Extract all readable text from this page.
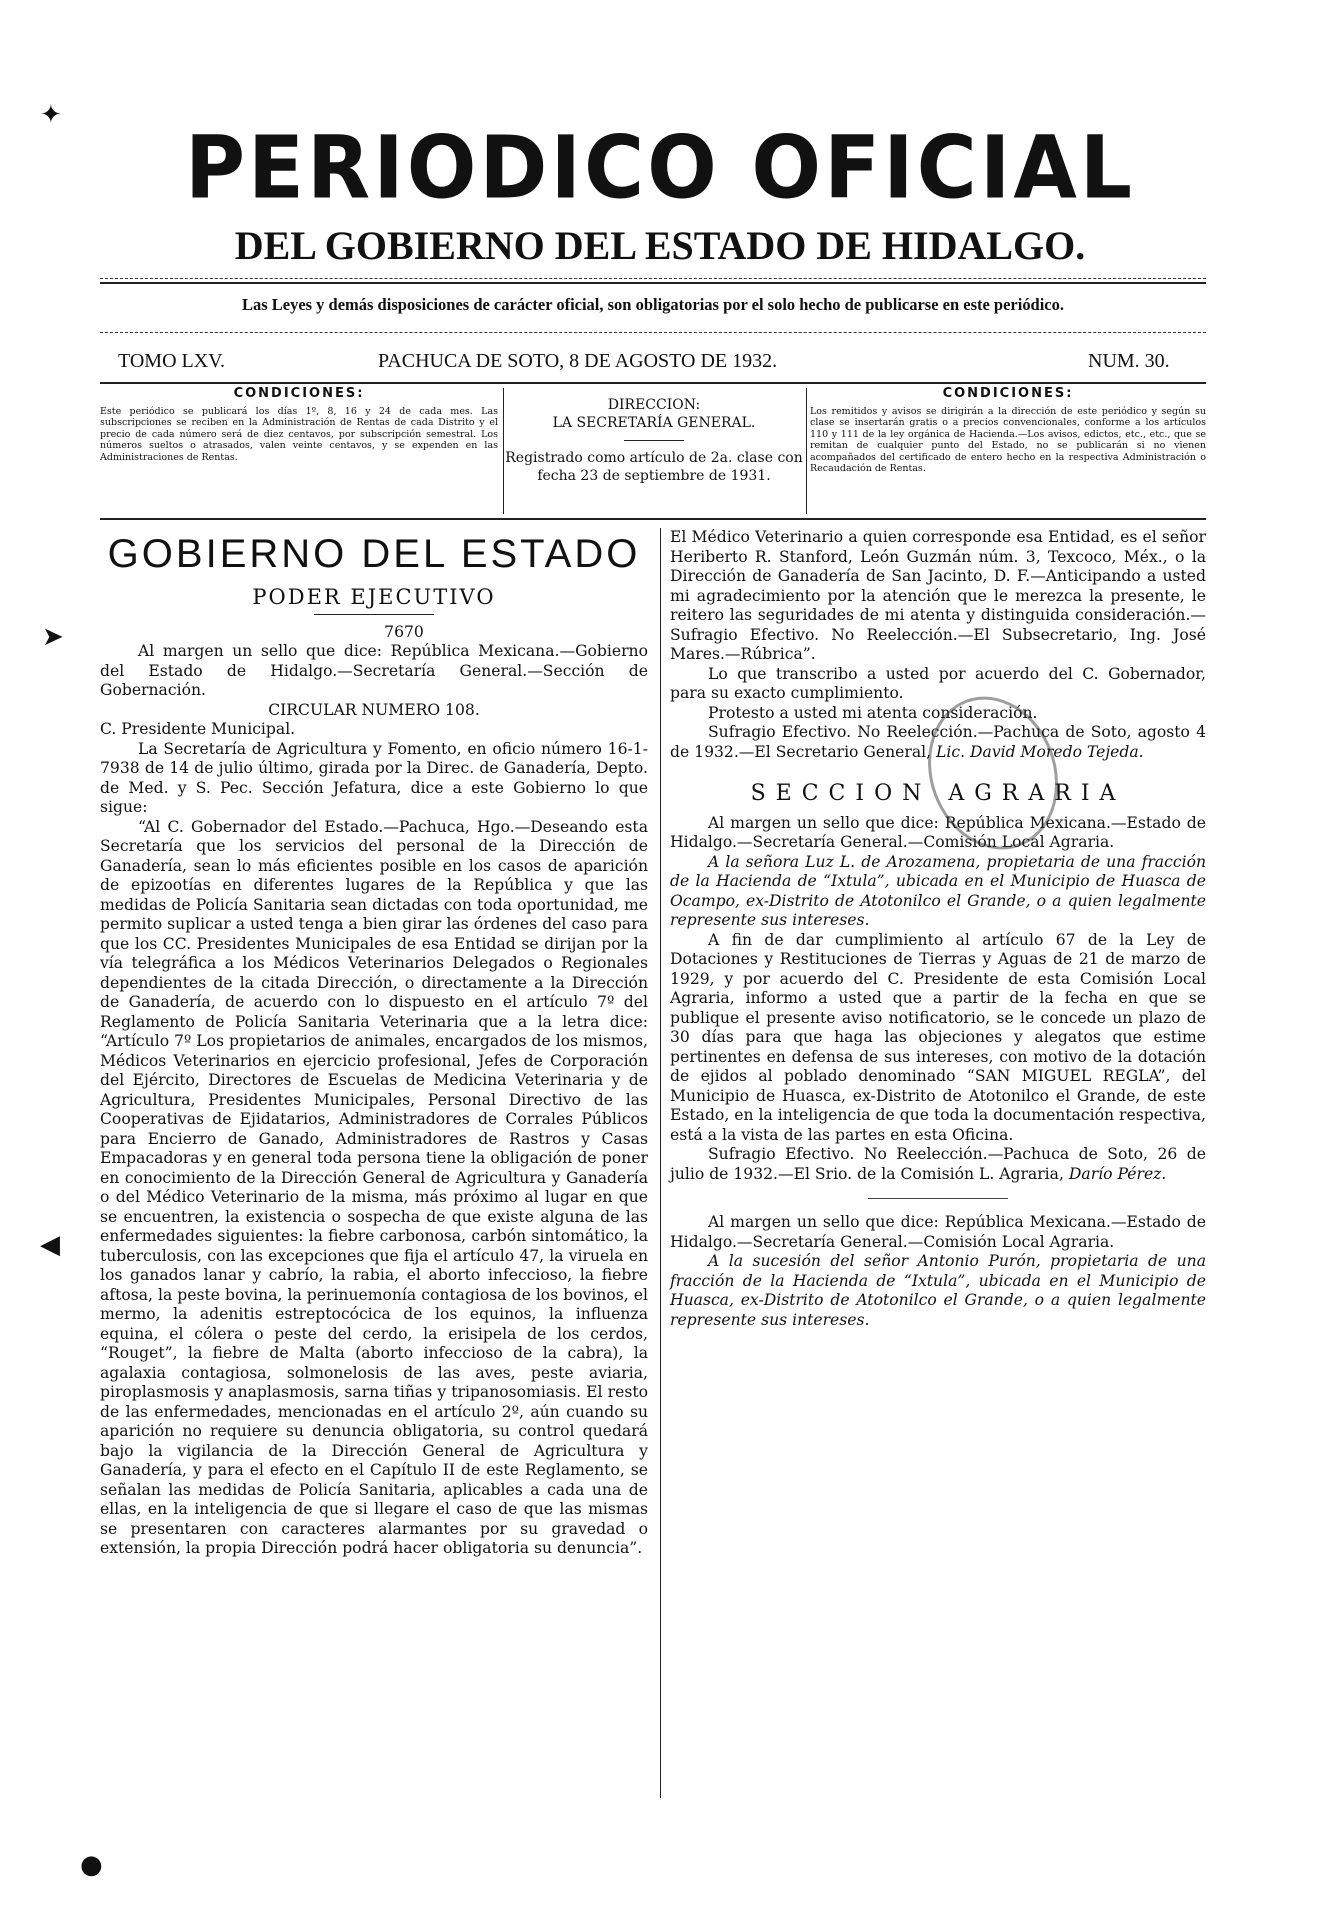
PERIODICO OFICIAL
DEL GOBIERNO DEL ESTADO DE HIDALGO.
Las Leyes y demás disposiciones de carácter oficial, son obligatorias por el solo hecho de publicarse en este periódico.
TOMO LXV.	PACHUCA DE SOTO, 8 DE AGOSTO DE 1932.	NUM. 30.
CONDICIONES:
Este periódico se publicará los días 1º, 8, 16 y 24 de cada mes. Las subscripciones se reciben en la Administración de Rentas de cada Distrito y el precio de cada número será de diez centavos, por subscripción semestral. Los números sueltos o atrasados, valen veinte centavos, y se expenden en las Administraciones de Rentas.
DIRECCION:
LA SECRETARÍA GENERAL.
Registrado como artículo de 2a. clase con fecha 23 de septiembre de 1931.
CONDICIONES:
Los remitidos y avisos se dirigirán a la dirección de este periódico y según su clase se insertarán gratis o a precios convencionales, conforme a los artículos 110 y 111 de la ley orgánica de Hacienda.—Los avisos, edictos, etc., etc., que se remitan de cualquier punto del Estado, no se publicarán si no vienen acompañados del certificado de entero hecho en la respectiva Administración o Recaudación de Rentas.
GOBIERNO DEL ESTADO
PODER EJECUTIVO

7670

Al margen un sello que dice: República Mexicana.—Gobierno del Estado de Hidalgo.—Secretaría General.—Sección de Gobernación.

CIRCULAR NUMERO 108.

C. Presidente Municipal.

La Secretaría de Agricultura y Fomento, en oficio número 16-1-7938 de 14 de julio último, girada por la Direc. de Ganadería, Depto. de Med. y S. Pec. Sección Jefatura, dice a este Gobierno lo que sigue:

“Al C. Gobernador del Estado.—Pachuca, Hgo.—Deseando esta Secretaría que los servicios del personal de la Dirección de Ganadería, sean lo más eficientes posible en los casos de aparición de epizootías en diferentes lugares de la República y que las medidas de Policía Sanitaria sean dictadas con toda oportunidad, me permito suplicar a usted tenga a bien girar las órdenes del caso para que los CC. Presidentes Municipales de esa Entidad se dirijan por la vía telegráfica a los Médicos Veterinarios Delegados o Regionales dependientes de la citada Dirección, o directamente a la Dirección de Ganadería, de acuerdo con lo dispuesto en el artículo 7º del Reglamento de Policía Sanitaria Veterinaria que a la letra dice: “Artículo 7º Los propietarios de animales, encargados de los mismos, Médicos Veterinarios en ejercicio profesional, Jefes de Corporación del Ejército, Directores de Escuelas de Medicina Veterinaria y de Agricultura, Presidentes Municipales, Personal Directivo de las Cooperativas de Ejidatarios, Administradores de Corrales Públicos para Encierro de Ganado, Administradores de Rastros y Casas Empacadoras y en general toda persona tiene la obligación de poner en conocimiento de la Dirección General de Agricultura y Ganadería o del Médico Veterinario de la misma, más próximo al lugar en que se encuentren, la existencia o sospecha de que existe alguna de las enfermedades siguientes: la fiebre carbonosa, carbón sintomático, la tuberculosis, con las excepciones que fija el artículo 47, la viruela en los ganados lanar y cabrío, la rabia, el aborto infeccioso, la fiebre aftosa, la peste bovina, la perinuemonía contagiosa de los bovinos, el mermo, la adenitis estreptocócica de los equinos, la influenza equina, el cólera o peste del cerdo, la erisipela de los cerdos, “Rouget”, la fiebre de Malta (aborto infeccioso de la cabra), la agalaxia contagiosa, solmonelosis de las aves, peste aviaria, piroplasmosis y anaplasmosis, sarna tiñas y tripanosomiasis. El resto de las enfermedades, mencionadas en el artículo 2º, aún cuando su aparición no requiere su denuncia obligatoria, su control quedará bajo la vigilancia de la Dirección General de Agricultura y Ganadería, y para el efecto en el Capítulo II de este Reglamento, se señalan las medidas de Policía Sanitaria, aplicables a cada una de ellas, en la inteligencia de que si llegare el caso de que las mismas se presentaren con caracteres alarmantes por su gravedad o extensión, la propia Dirección podrá hacer obligatoria su denuncia”.

El Médico Veterinario a quien corresponde esa Entidad, es el señor Heriberto R. Stanford, León Guzmán núm. 3, Texcoco, Méx., o la Dirección de Ganadería de San Jacinto, D. F.—Anticipando a usted mi agradecimiento por la atención que le merezca la presente, le reitero las seguridades de mi atenta y distinguida consideración.—Sufragio Efectivo. No Reelección.—El Subsecretario, Ing. José Mares.—Rúbrica”.

Lo que transcribo a usted por acuerdo del C. Gobernador, para su exacto cumplimiento.

Protesto a usted mi atenta consideración.

Sufragio Efectivo. No Reelección.—Pachuca de Soto, agosto 4 de 1932.—El Secretario General, Lic. David Moredo Tejeda.

SECCION AGRARIA

Al margen un sello que dice: República Mexicana.—Estado de Hidalgo.—Secretaría General.—Comisión Local Agraria.

A la señora Luz L. de Arozamena, propietaria de una fracción de la Hacienda de “Ixtula”, ubicada en el Municipio de Huasca de Ocampo, ex-Distrito de Atotonilco el Grande, o a quien legalmente represente sus intereses.

A fin de dar cumplimiento al artículo 67 de la Ley de Dotaciones y Restituciones de Tierras y Aguas de 21 de marzo de 1929, y por acuerdo del C. Presidente de esta Comisión Local Agraria, informo a usted que a partir de la fecha en que se publique el presente aviso notificatorio, se le concede un plazo de 30 días para que haga las objeciones y alegatos que estime pertinentes en defensa de sus intereses, con motivo de la dotación de ejidos al poblado denominado “SAN MIGUEL REGLA”, del Municipio de Huasca, ex-Distrito de Atotonilco el Grande, de este Estado, en la inteligencia de que toda la documentación respectiva, está a la vista de las partes en esta Oficina.

Sufragio Efectivo. No Reelección.—Pachuca de Soto, 26 de julio de 1932.—El Srio. de la Comisión L. Agraria, Darío Pérez.

Al margen un sello que dice: República Mexicana.—Estado de Hidalgo.—Secretaría General.—Comisión Local Agraria.

A la sucesión del señor Antonio Purón, propietaria de una fracción de la Hacienda de “Ixtula”, ubicada en el Municipio de Huasca, ex-Distrito de Atotonilco el Grande, o a quien legalmente represente sus intereses.

✦
➤
◀
●
